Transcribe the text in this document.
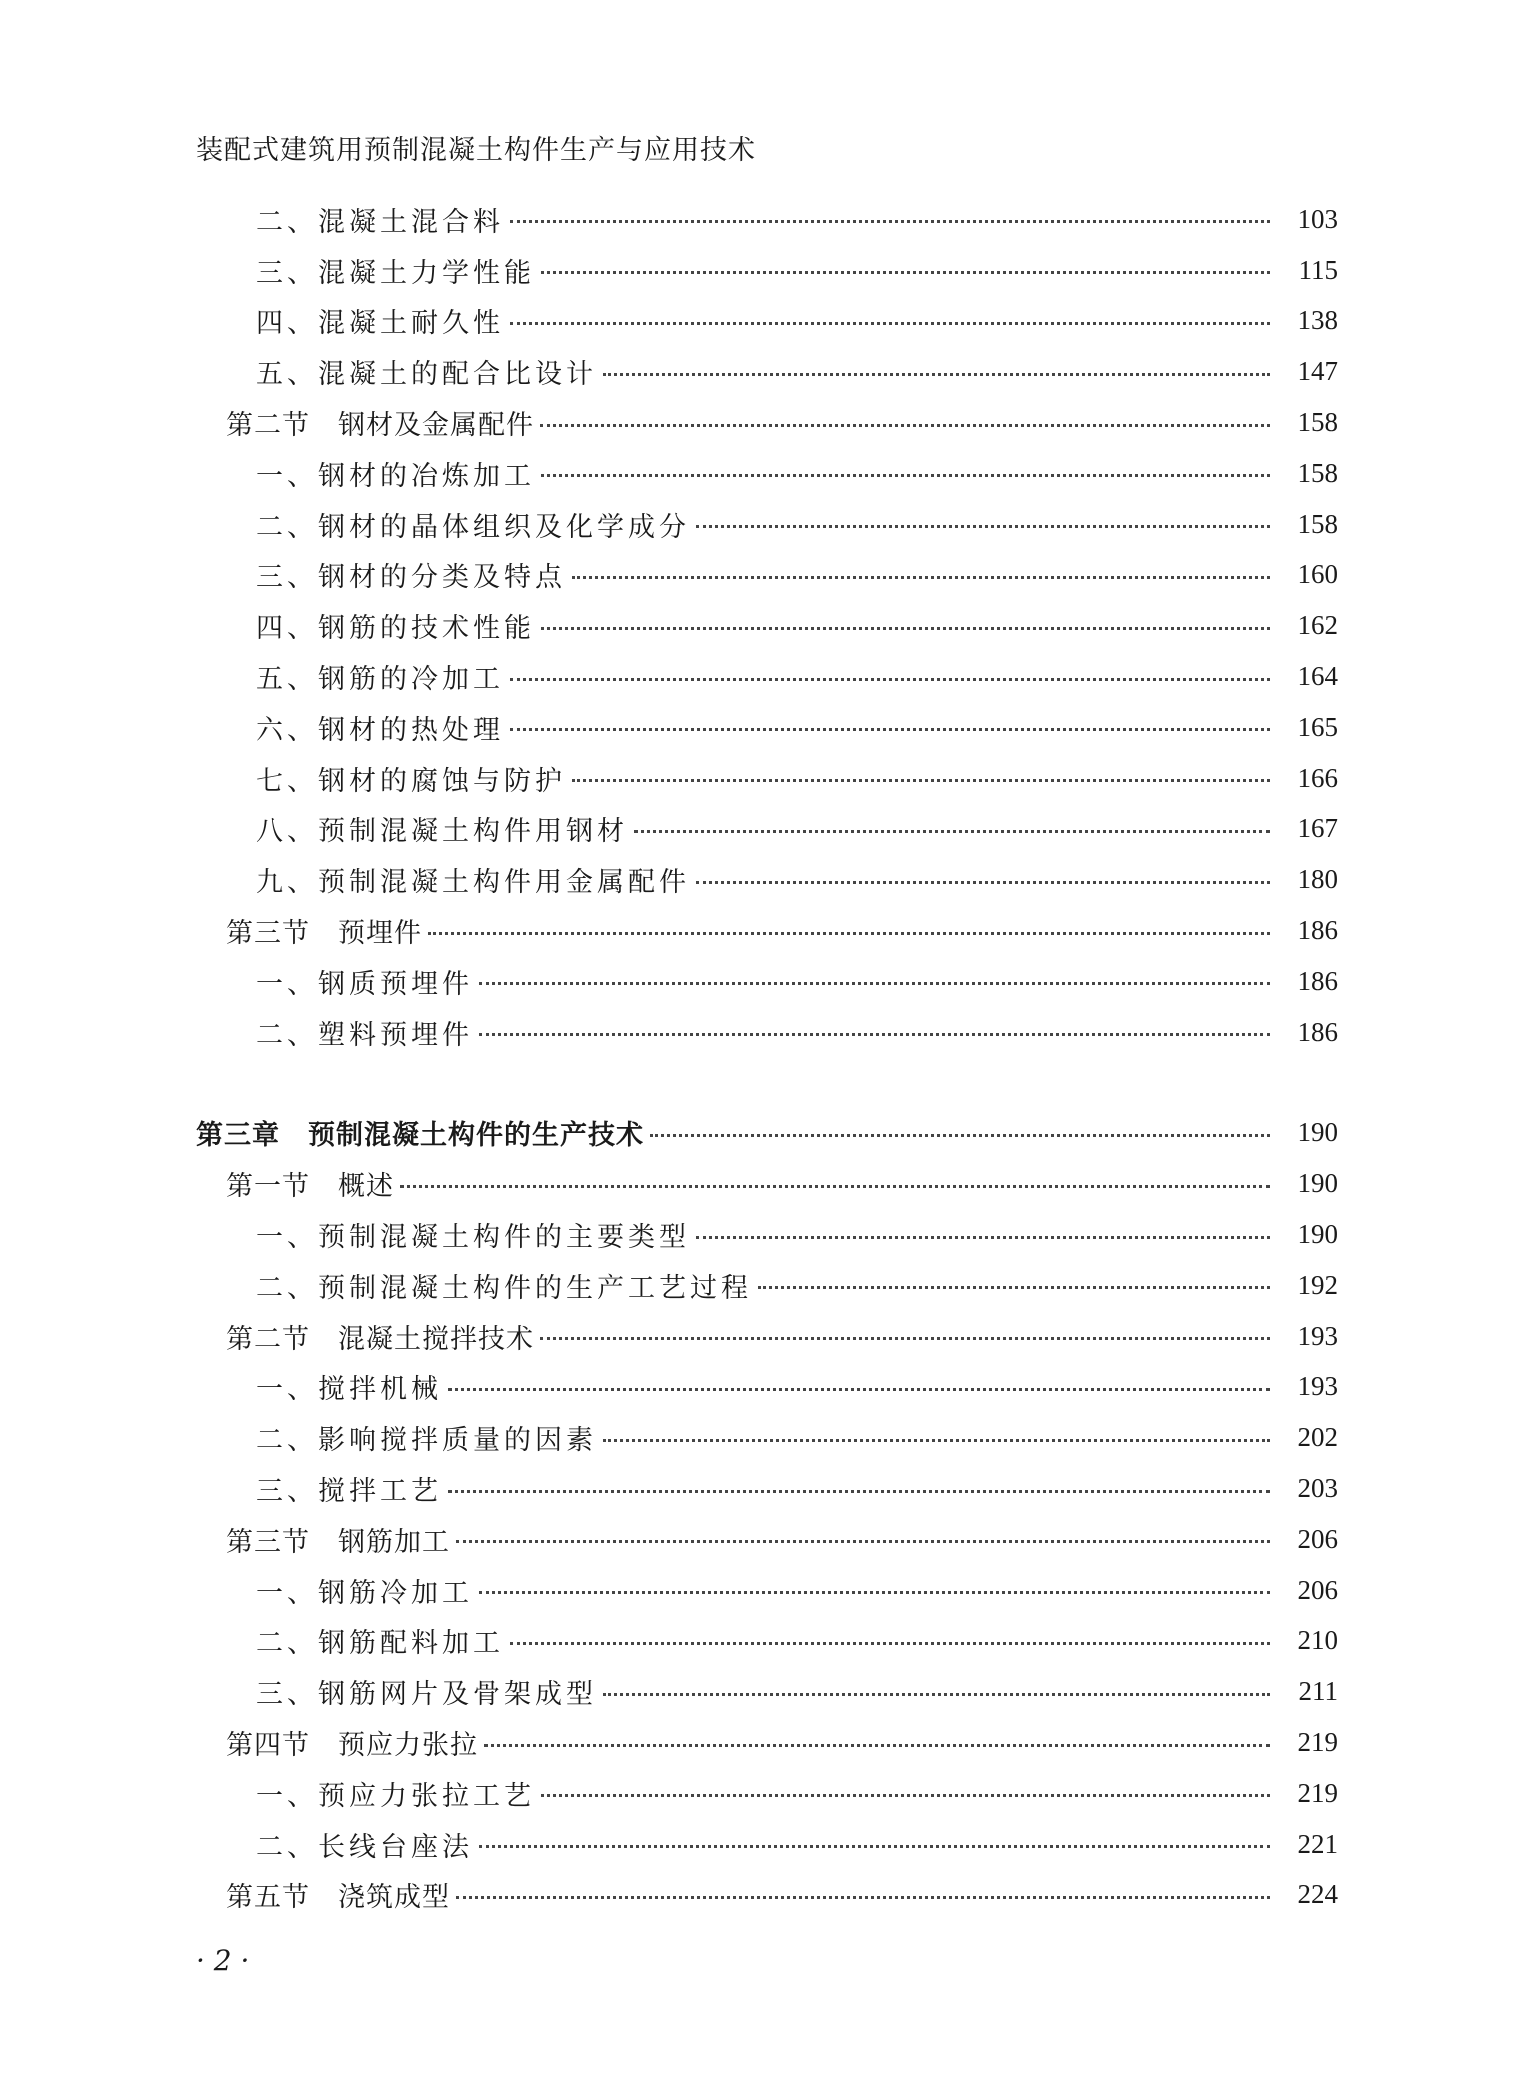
装配式建筑用预制混凝土构件生产与应用技术
二、混凝土混合料	103
三、混凝土力学性能	115
四、混凝土耐久性	138
五、混凝土的配合比设计	147
第二节 钢材及金属配件	158
一、钢材的冶炼加工	158
二、钢材的晶体组织及化学成分	158
三、钢材的分类及特点	160
四、钢筋的技术性能	162
五、钢筋的冷加工	164
六、钢材的热处理	165
七、钢材的腐蚀与防护	166
八、预制混凝土构件用钢材	167
九、预制混凝土构件用金属配件	180
第三节 预埋件	186
一、钢质预埋件	186
二、塑料预埋件	186
第三章 预制混凝土构件的生产技术	190
第一节 概述	190
一、预制混凝土构件的主要类型	190
二、预制混凝土构件的生产工艺过程	192
第二节 混凝土搅拌技术	193
一、搅拌机械	193
二、影响搅拌质量的因素	202
三、搅拌工艺	203
第三节 钢筋加工	206
一、钢筋冷加工	206
二、钢筋配料加工	210
三、钢筋网片及骨架成型	211
第四节 预应力张拉	219
一、预应力张拉工艺	219
二、长线台座法	221
第五节 浇筑成型	224
· 2 ·
